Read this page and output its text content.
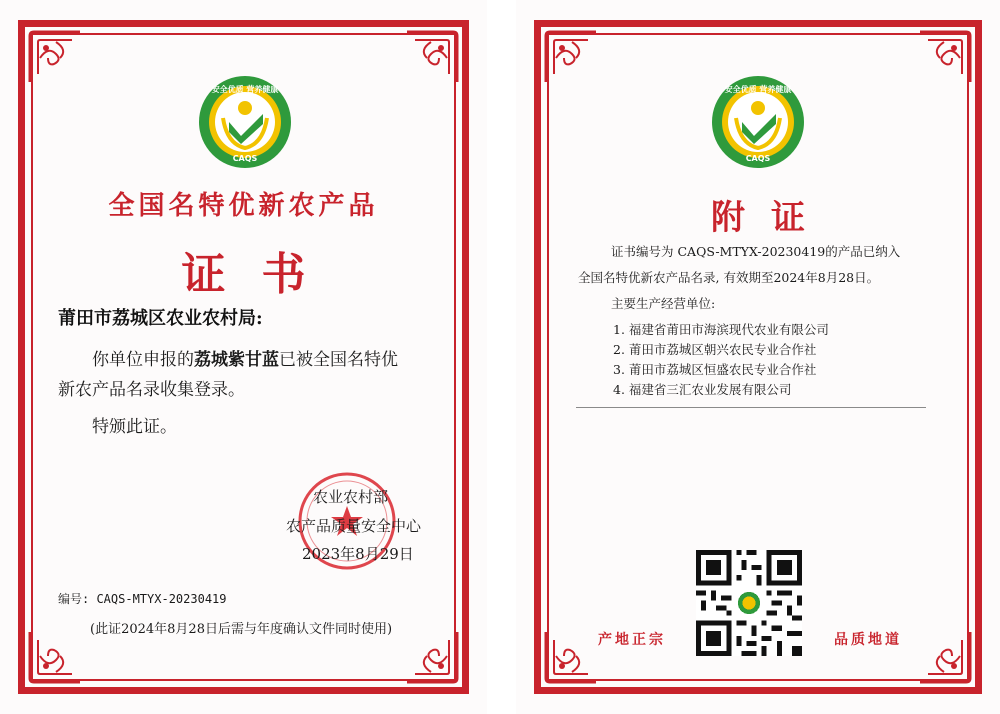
安全优质 营养健康
CAQS
全国名特优新农产品
证书
莆田市荔城区农业农村局:
你单位申报的荔城紫甘蓝已被全国名特优
新农产品名录收集登录。
特颁此证。
农业农村部
农产品质量安全中心
2023年8月29日
编号: CAQS-MTYX-20230419
(此证2024年8月28日后需与年度确认文件同时使用)
安全优质 营养健康
CAQS
附证
证书编号为 CAQS-MTYX-20230419的产品已纳入
全国名特优新农产品名录, 有效期至2024年8月28日。
主要生产经营单位:
1. 福建省莆田市海滨现代农业有限公司
2. 莆田市荔城区朝兴农民专业合作社
3. 莆田市荔城区恒盛农民专业合作社
4. 福建省三汇农业发展有限公司
产地正宗	品质地道
